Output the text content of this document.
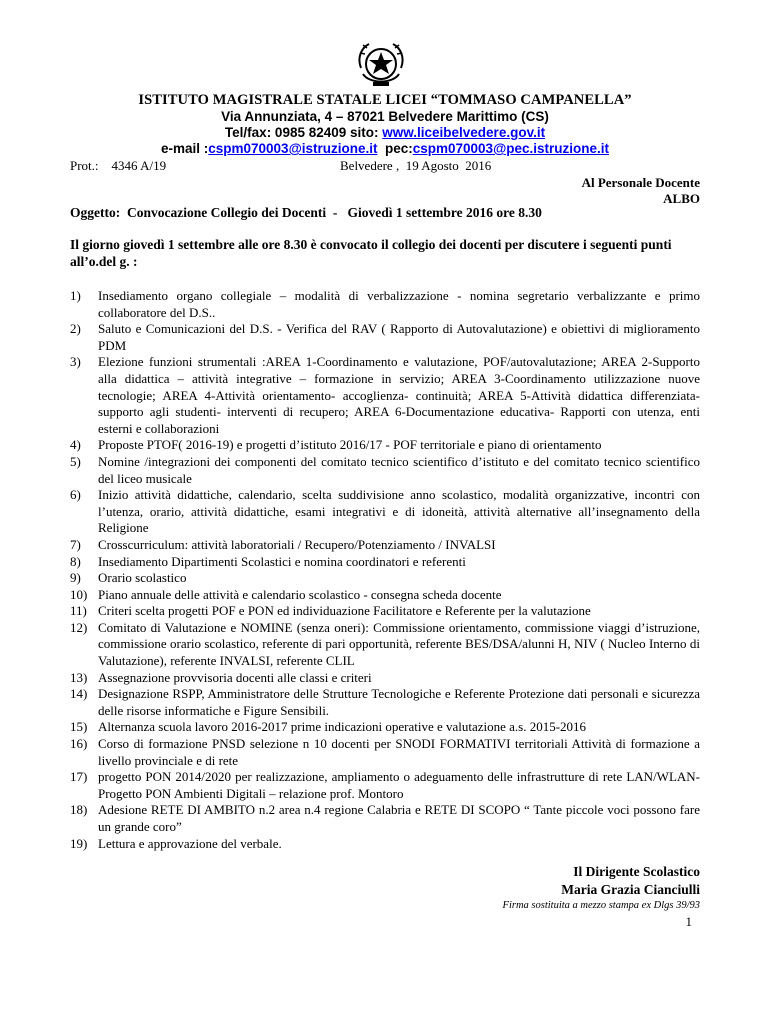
ISTITUTO MAGISTRALE STATALE LICEI “TOMMASO CAMPANELLA”
Via Annunziata, 4 – 87021 Belvedere Marittimo (CS)
Tel/fax: 0985 82409 sito: www.liceibelvedere.gov.it
e-mail :cspm070003@istruzione.it  pec:cspm070003@pec.istruzione.it
Prot.:    4346 A/19	Belvedere ,  19 Agosto  2016
Al Personale Docente
ALBO
Oggetto:  Convocazione Collegio dei Docenti  -   Giovedì 1 settembre 2016 ore 8.30
Il giorno giovedì 1 settembre alle ore 8.30 è convocato il collegio dei docenti per discutere i seguenti punti all’o.del g. :
1)	Insediamento organo collegiale – modalità di verbalizzazione - nomina segretario verbalizzante e primo collaboratore del D.S..
2)	Saluto e Comunicazioni del D.S. - Verifica del RAV ( Rapporto di Autovalutazione) e obiettivi di miglioramento PDM
3)	Elezione funzioni strumentali :AREA 1-Coordinamento e valutazione, POF/autovalutazione; AREA 2-Supporto alla didattica – attività integrative – formazione in servizio; AREA 3-Coordinamento utilizzazione nuove tecnologie; AREA 4-Attività orientamento- accoglienza- continuità; AREA 5-Attività didattica differenziata- supporto agli studenti- interventi di recupero; AREA 6-Documentazione educativa- Rapporti con utenza, enti esterni e collaborazioni
4)	Proposte PTOF( 2016-19) e progetti d’istituto 2016/17 - POF territoriale e piano di orientamento
5)	Nomine /integrazioni dei componenti del comitato tecnico scientifico d’istituto e del comitato tecnico scientifico del liceo musicale
6)	Inizio attività didattiche, calendario, scelta suddivisione anno scolastico, modalità organizzative, incontri con l’utenza, orario, attività didattiche, esami integrativi e di idoneità, attività alternative all’insegnamento della Religione
7)	Crosscurriculum: attività laboratoriali / Recupero/Potenziamento / INVALSI
8)	Insediamento Dipartimenti Scolastici e nomina coordinatori e referenti
9)	Orario scolastico
10) Piano annuale delle attività e calendario scolastico - consegna scheda docente
11) Criteri scelta progetti POF e PON ed individuazione Facilitatore e Referente per la valutazione
12) Comitato di Valutazione e NOMINE (senza oneri): Commissione orientamento, commissione viaggi d’istruzione, commissione orario scolastico, referente di pari opportunità, referente BES/DSA/alunni H, NIV ( Nucleo Interno di Valutazione), referente INVALSI, referente CLIL
13) Assegnazione provvisoria docenti alle classi e criteri
14) Designazione RSPP, Amministratore delle Strutture Tecnologiche e Referente Protezione dati personali e sicurezza delle risorse informatiche e Figure Sensibili.
15) Alternanza scuola lavoro 2016-2017 prime indicazioni operative e valutazione a.s. 2015-2016
16) Corso di formazione PNSD selezione n 10 docenti per SNODI FORMATIVI territoriali Attività di formazione a livello provinciale e di rete
17) progetto PON 2014/2020 per realizzazione, ampliamento o adeguamento delle infrastrutture di rete LAN/WLAN- Progetto PON Ambienti Digitali – relazione prof. Montoro
18) Adesione RETE DI AMBITO n.2 area n.4 regione Calabria e RETE DI SCOPO “ Tante piccole voci possono fare un grande coro”
19) Lettura e approvazione del verbale.
Il Dirigente Scolastico
Maria Grazia Cianciulli
Firma sostituita a mezzo stampa ex Dlgs 39/93
1
